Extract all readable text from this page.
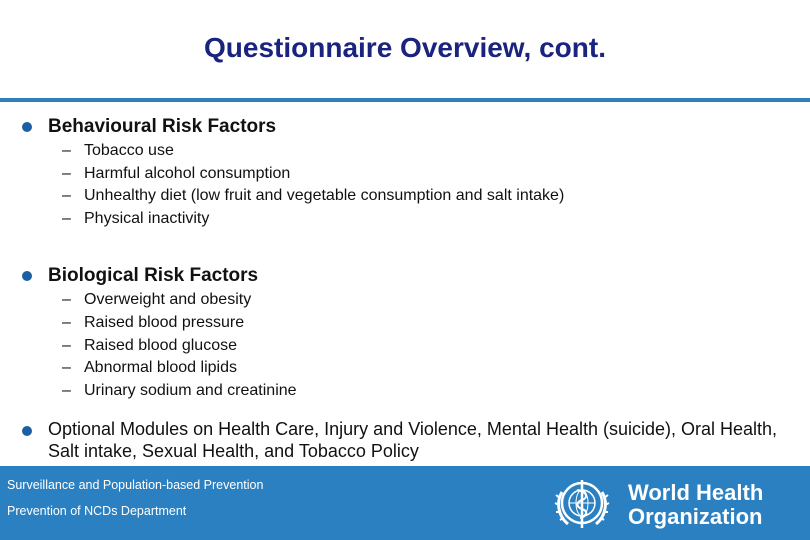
Questionnaire Overview, cont.
Behavioural Risk Factors
– Tobacco use
– Harmful alcohol consumption
– Unhealthy diet (low fruit and vegetable consumption and salt intake)
– Physical inactivity
Biological Risk Factors
– Overweight and obesity
– Raised blood pressure
– Raised blood glucose
– Abnormal blood lipids
– Urinary sodium and creatinine
Optional Modules on Health Care, Injury and Violence, Mental Health (suicide), Oral Health, Salt intake, Sexual Health, and Tobacco Policy
Surveillance and Population-based Prevention
Prevention of NCDs Department
World Health
Organization
